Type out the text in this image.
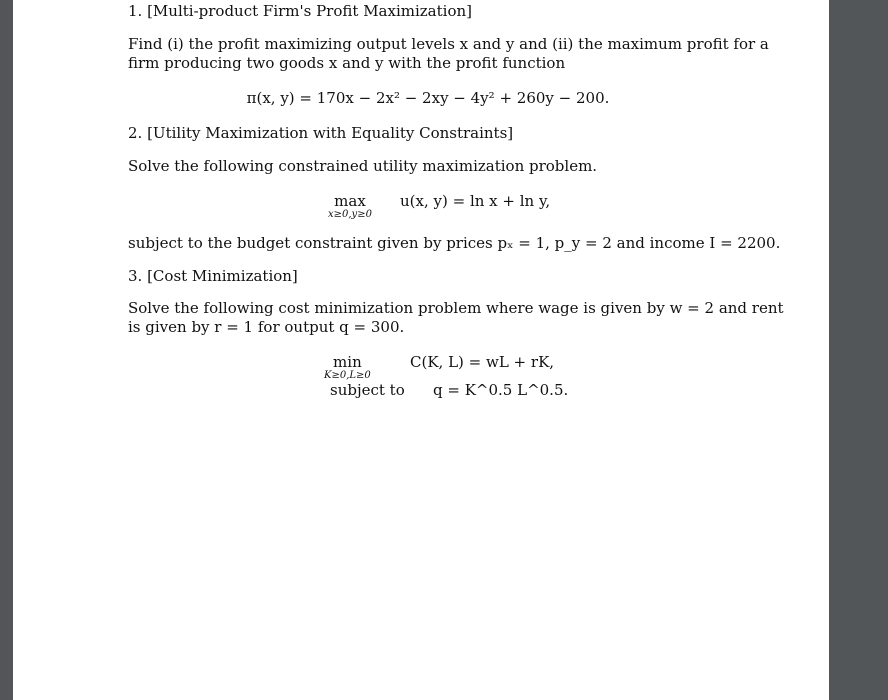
1. [Multi-product Firm's Profit Maximization]
Find (i) the profit maximizing output levels x and y and (ii) the maximum profit for a
firm producing two goods x and y with the profit function
π(x, y) = 170x − 2x² − 2xy − 4y² + 260y − 200.
2. [Utility Maximization with Equality Constraints]
Solve the following constrained utility maximization problem.
max
x≥0,y≥0
u(x, y) = ln x + ln y,
subject to the budget constraint given by prices pₓ = 1, p_y = 2 and income I = 2200.
3. [Cost Minimization]
Solve the following cost minimization problem where wage is given by w = 2 and rent
is given by r = 1 for output q = 300.
min
K≥0,L≥0
C(K, L) = wL + rK,
subject to q = K^0.5 L^0.5.
